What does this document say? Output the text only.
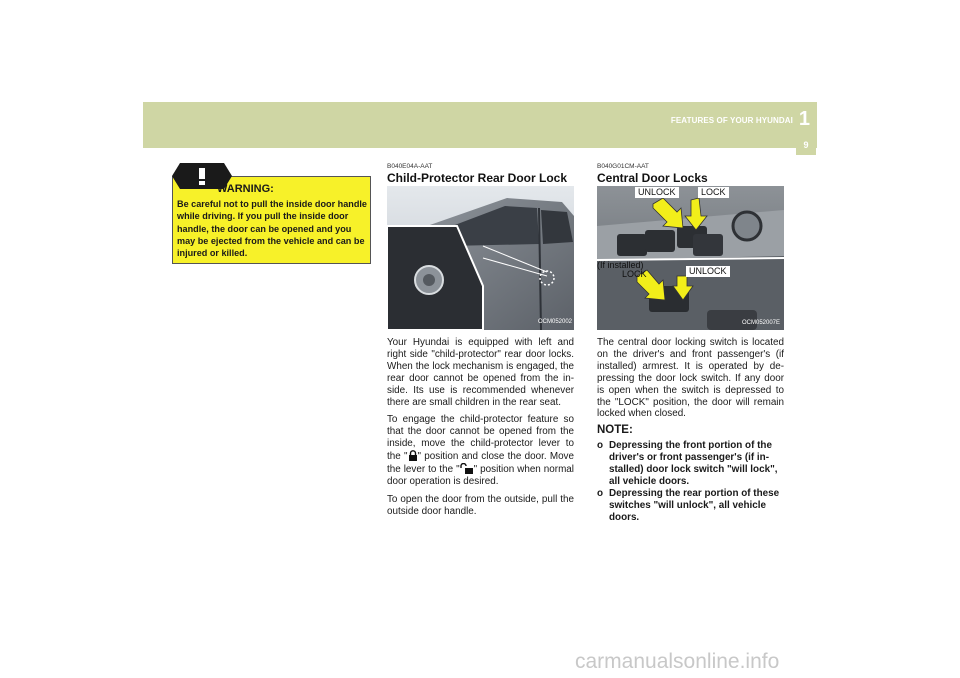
FEATURES OF YOUR HYUNDAI 1
9
WARNING:
Be careful not to pull the inside door handle while driving. If you pull the inside door handle, the door can be opened and you may be ejected from the vehicle and can be injured or killed.
B040E04A-AAT
Child-Protector Rear Door Lock
OCM052002

Your Hyundai is equipped with left and right side "child-protector" rear door locks. When the lock mechanism is engaged, the rear door cannot be opened from the in-side. Its use is recommended whenever there are small children in the rear seat.

To engage the child-protector feature so that the door cannot be opened from the inside, move the child-protector lever to the " " position and close the door. Move the lever to the " " position when normal door operation is desired.

To open the door from the outside, pull the outside door handle.

B040G01CM-AAT
Central Door Locks
UNLOCK	LOCK
(If installed)
LOCK	UNLOCK
OCM052007E
The central door locking switch is located on the driver's and front passenger's (if installed) armrest. It is operated by de-pressing the door lock switch. If any door is open when the switch is depressed to the "LOCK" position, the door will remain locked when closed.
NOTE:
o Depressing the front portion of the driver's or front passenger's (if in-stalled) door lock switch "will lock", all vehicle doors.
o Depressing the rear portion of these switches "will unlock", all vehicle doors.
carmanualsonline.info
